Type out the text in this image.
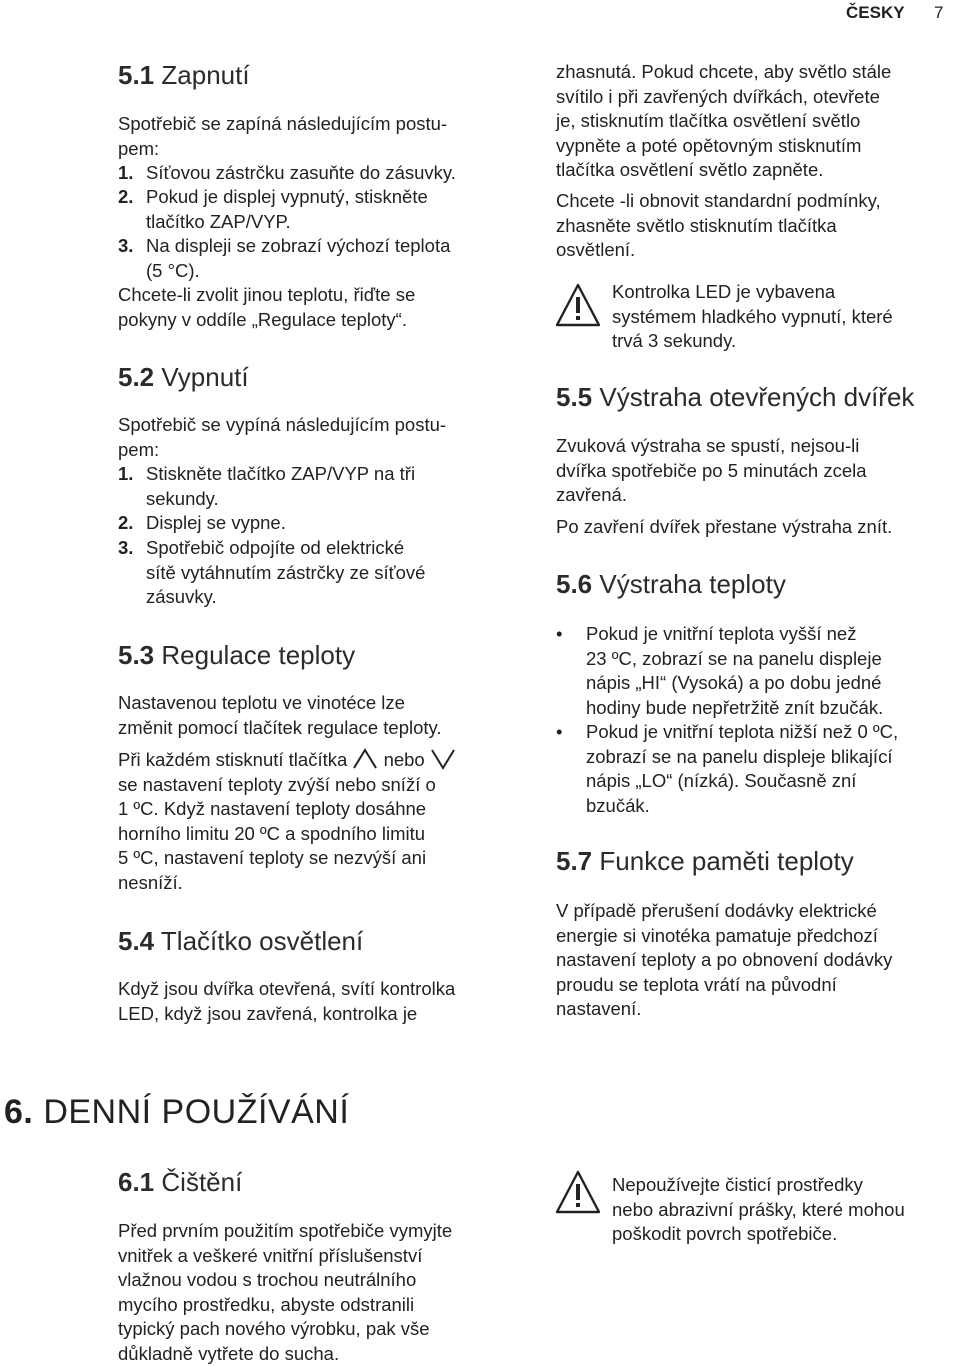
ČESKY 7
5.1 Zapnutí
Spotřebič se zapíná následujícím postu-
pem:
1. Síťovou zástrčku zasuňte do zásuvky.
2. Pokud je displej vypnutý, stiskněte
tlačítko ZAP/VYP.
3. Na displeji se zobrazí výchozí teplota
(5 °C).
Chcete-li zvolit jinou teplotu, řiďte se
pokyny v oddíle „Regulace teploty“.
5.2 Vypnutí
Spotřebič se vypíná následujícím postu-
pem:
1. Stiskněte tlačítko ZAP/VYP na tři
sekundy.
2. Displej se vypne.
3. Spotřebič odpojíte od elektrické
sítě vytáhnutím zástrčky ze síťové
zásuvky.
5.3 Regulace teploty
Nastavenou teplotu ve vinotéce lze
změnit pomocí tlačítek regulace teploty.
Při každém stisknutí tlačítka nebo
se nastavení teploty zvýší nebo sníží o
1 ºC. Když nastavení teploty dosáhne
horního limitu 20 ºC a spodního limitu
5 ºC, nastavení teploty se nezvýší ani
nesníží.
5.4 Tlačítko osvětlení
Když jsou dvířka otevřená, svítí kontrolka
LED, když jsou zavřená, kontrolka je
zhasnutá. Pokud chcete, aby světlo stále
svítilo i při zavřených dvířkách, otevřete
je, stisknutím tlačítka osvětlení světlo
vypněte a poté opětovným stisknutím
tlačítka osvětlení světlo zapněte.
Chcete -li obnovit standardní podmínky,
zhasněte světlo stisknutím tlačítka
osvětlení.
Kontrolka LED je vybavena
systémem hladkého vypnutí, které
trvá 3 sekundy.
5.5 Výstraha otevřených dvířek
Zvuková výstraha se spustí, nejsou-li
dvířka spotřebiče po 5 minutách zcela
zavřená.
Po zavření dvířek přestane výstraha znít.
5.6 Výstraha teploty
• Pokud je vnitřní teplota vyšší než
23 ºC, zobrazí se na panelu displeje
nápis „HI“ (Vysoká) a po dobu jedné
hodiny bude nepřetržitě znít bzučák.
• Pokud je vnitřní teplota nižší než 0 ºC,
zobrazí se na panelu displeje blikající
nápis „LO“ (nízká). Současně zní
bzučák.
5.7 Funkce paměti teploty
V případě přerušení dodávky elektrické
energie si vinotéka pamatuje předchozí
nastavení teploty a po obnovení dodávky
proudu se teplota vrátí na původní
nastavení.
6. DENNÍ POUŽÍVÁNÍ
6.1 Čištění
Před prvním použitím spotřebiče vymyjte
vnitřek a veškeré vnitřní příslušenství
vlažnou vodou s trochou neutrálního
mycího prostředku, abyste odstranili
typický pach nového výrobku, pak vše
důkladně vytřete do sucha.
Nepoužívejte čisticí prostředky
nebo abrazivní prášky, které mohou
poškodit povrch spotřebiče.
